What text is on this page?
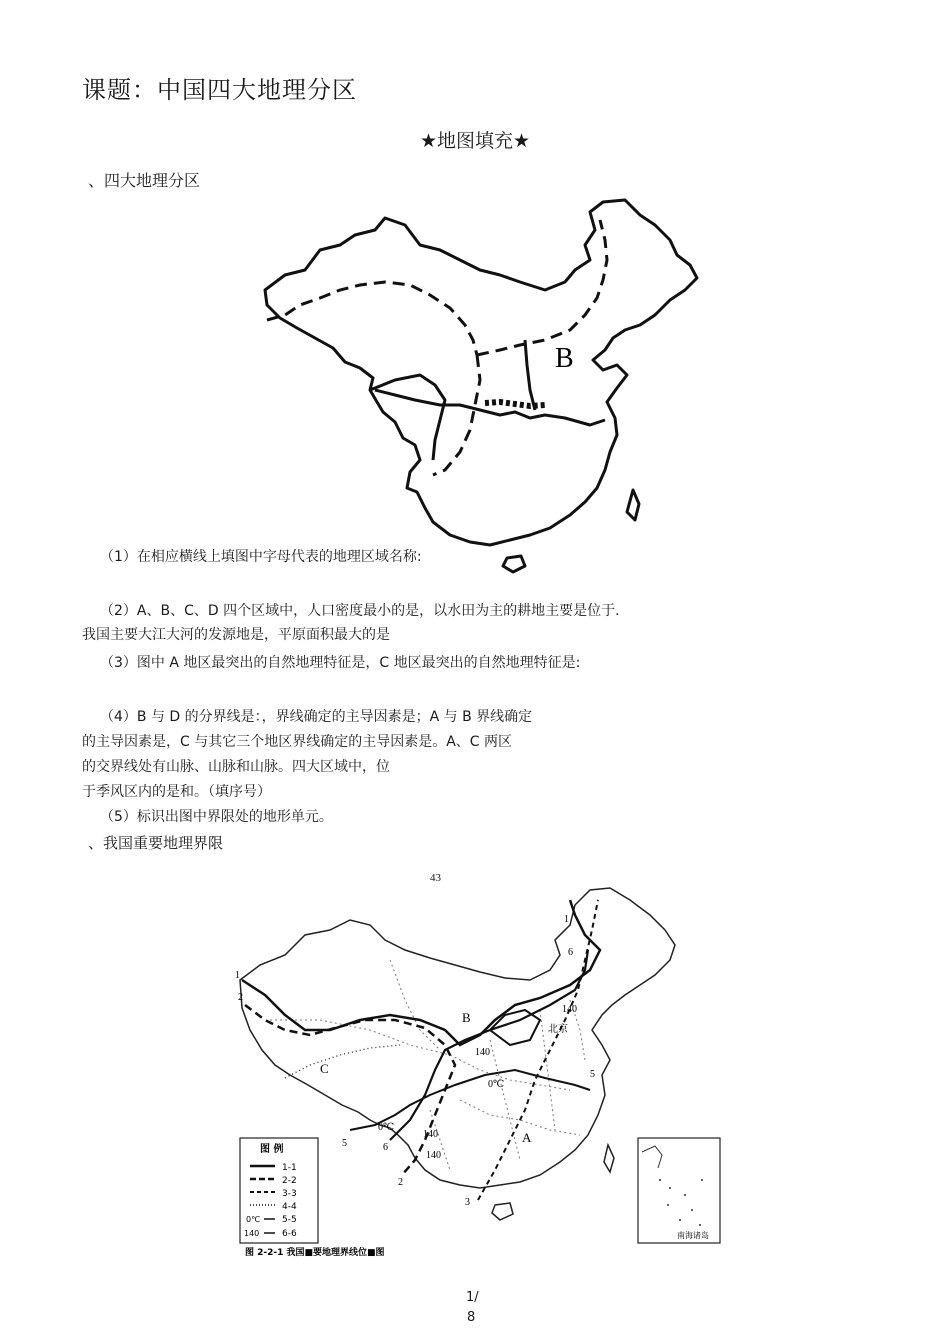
课题：中国四大地理分区
★地图填充★
、四大地理分区
B
（1）在相应横线上填图中字母代表的地理区域名称:
（2）A、B、C、D 四个区域中，人口密度最小的是，以水田为主的耕地主要是位于.
我国主要大江大河的发源地是，平原面积最大的是
（3）图中 A 地区最突出的自然地理特征是，C 地区最突出的自然地理特征是:
（4）B 与 D 的分界线是：，界线确定的主导因素是；A 与 B 界线确定
的主导因素是，C 与其它三个地区界线确定的主导因素是。A、C 两区
的交界线处有山脉、山脉和山脉。四大区域中，位
于季风区内的是和。（填序号）
（5）标识出图中界限处的地形单元。
、我国重要地理界限
43
A
B
C
北京
1
2
1
6
140
140
0℃
140
0℃
5
6
5
2
3
140
图 例
1-1
2-2
3-3
4-4
0℃ 5-5
140	6-6	南海诸岛
图 2-2-1 我国■要地理界线位■图
1/
8
